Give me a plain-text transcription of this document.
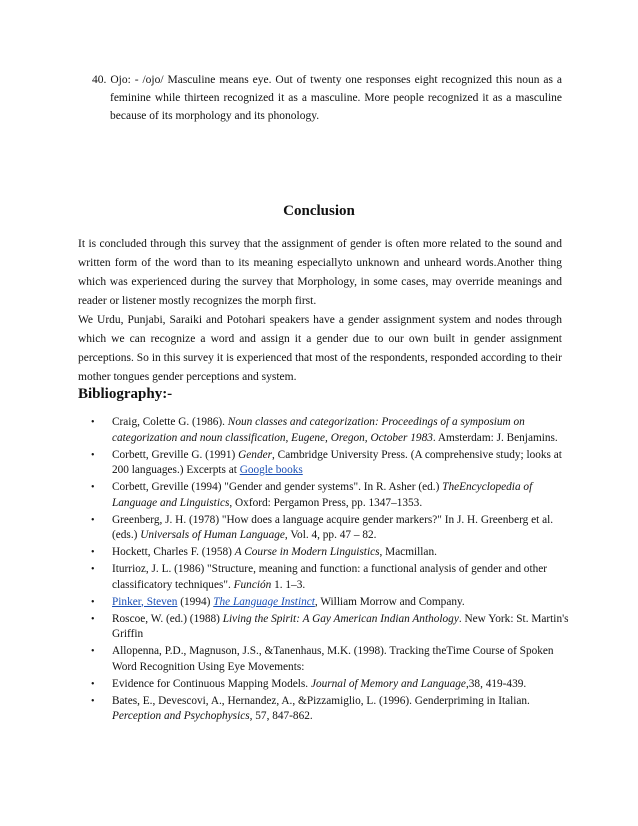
40. Ojo: - /ojo/ Masculine means eye. Out of twenty one responses eight recognized this noun as a feminine while thirteen recognized it as a masculine. More people recognized it as a masculine because of its morphology and its phonology.
Conclusion
It is concluded through this survey that the assignment of gender is often more related to the sound and written form of the word than to its meaning especiallyto unknown and unheard words.Another thing which was experienced during the survey that Morphology, in some cases, may override meanings and reader or listener mostly recognizes the morph first.
We Urdu, Punjabi, Saraiki and Potohari speakers have a gender assignment system and nodes through which we can recognize a word and assign it a gender due to our own built in gender assignment perceptions. So in this survey it is experienced that most of the respondents, responded according to their mother tongues gender perceptions and system.
Bibliography:-
• Craig, Colette G. (1986). Noun classes and categorization: Proceedings of a symposium on categorization and noun classification, Eugene, Oregon, October 1983. Amsterdam: J. Benjamins.
• Corbett, Greville G. (1991) Gender, Cambridge University Press. (A comprehensive study; looks at 200 languages.) Excerpts at Google books
• Corbett, Greville (1994) "Gender and gender systems". In R. Asher (ed.) TheEncyclopedia of Language and Linguistics, Oxford: Pergamon Press, pp. 1347–1353.
• Greenberg, J. H. (1978) "How does a language acquire gender markers?" In J. H. Greenberg et al. (eds.) Universals of Human Language, Vol. 4, pp. 47 – 82.
• Hockett, Charles F. (1958) A Course in Modern Linguistics, Macmillan.
• Iturrioz, J. L. (1986) "Structure, meaning and function: a functional analysis of gender and other classificatory techniques". Función 1. 1–3.
• Pinker, Steven (1994) The Language Instinct, William Morrow and Company.
• Roscoe, W. (ed.) (1988) Living the Spirit: A Gay American Indian Anthology. New York: St. Martin's Griffin
• Allopenna, P.D., Magnuson, J.S., &Tanenhaus, M.K. (1998). Tracking theTime Course of Spoken Word Recognition Using Eye Movements:
• Evidence for Continuous Mapping Models. Journal of Memory and Language,38, 419-439.
• Bates, E., Devescovi, A., Hernandez, A., &Pizzamiglio, L. (1996). Genderpriming in Italian. Perception and Psychophysics, 57, 847-862.
